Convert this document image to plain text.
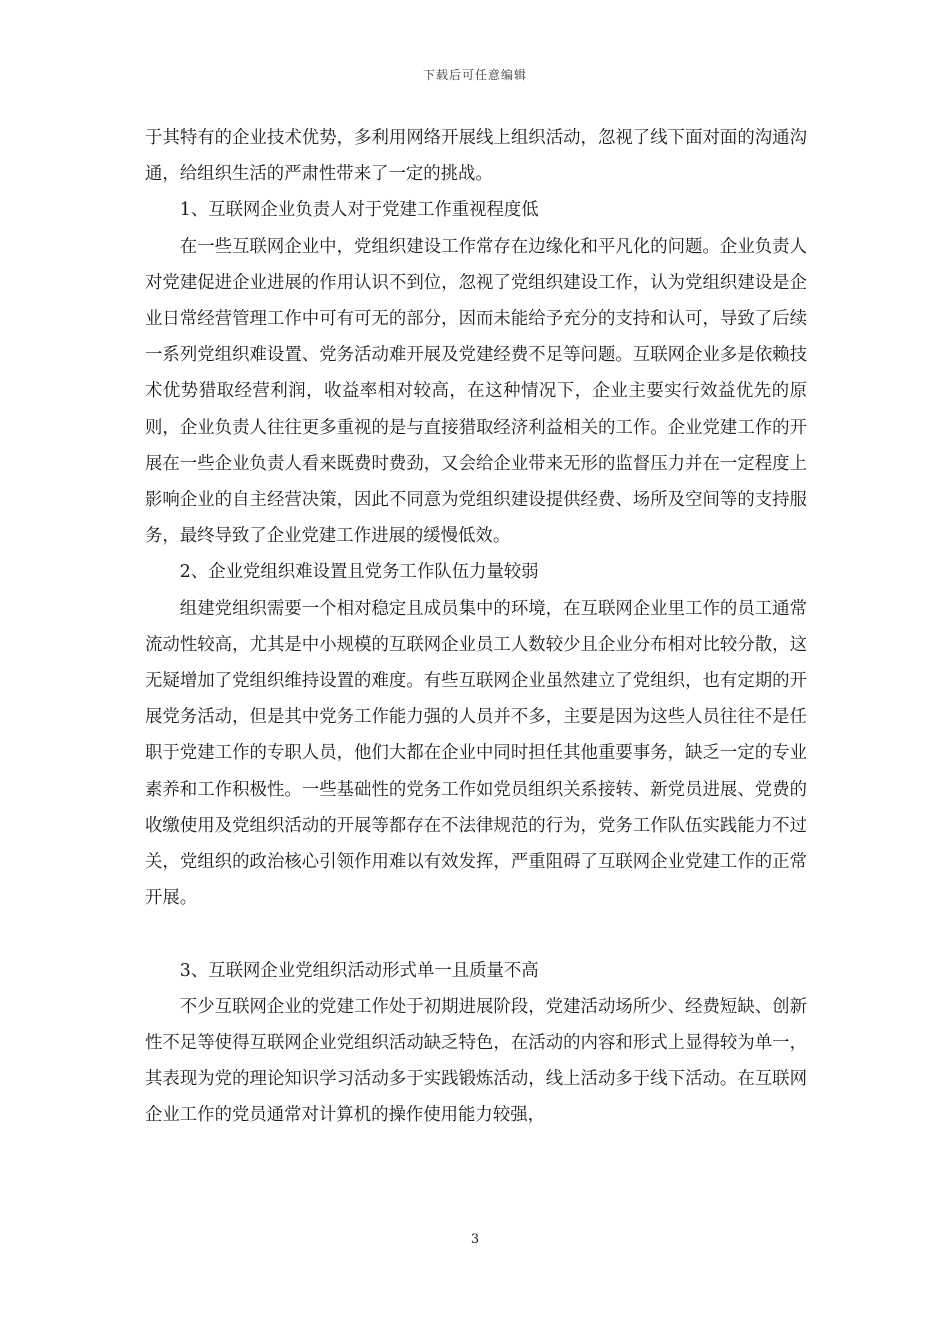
下载后可任意编辑

于其特有的企业技术优势，多利用网络开展线上组织活动，忽视了线下面对面的沟通沟通，给组织生活的严肃性带来了一定的挑战。

1、互联网企业负责人对于党建工作重视程度低

在一些互联网企业中，党组织建设工作常存在边缘化和平凡化的问题。企业负责人对党建促进企业进展的作用认识不到位，忽视了党组织建设工作，认为党组织建设是企业日常经营管理工作中可有可无的部分，因而未能给予充分的支持和认可，导致了后续一系列党组织难设置、党务活动难开展及党建经费不足等问题。互联网企业多是依赖技术优势猎取经营利润，收益率相对较高，在这种情况下，企业主要实行效益优先的原则，企业负责人往往更多重视的是与直接猎取经济利益相关的工作。企业党建工作的开展在一些企业负责人看来既费时费劲，又会给企业带来无形的监督压力并在一定程度上影响企业的自主经营决策，因此不同意为党组织建设提供经费、场所及空间等的支持服务，最终导致了企业党建工作进展的缓慢低效。

2、企业党组织难设置且党务工作队伍力量较弱

组建党组织需要一个相对稳定且成员集中的环境，在互联网企业里工作的员工通常流动性较高，尤其是中小规模的互联网企业员工人数较少且企业分布相对比较分散，这无疑增加了党组织维持设置的难度。有些互联网企业虽然建立了党组织，也有定期的开展党务活动，但是其中党务工作能力强的人员并不多，主要是因为这些人员往往不是任职于党建工作的专职人员，他们大都在企业中同时担任其他重要事务，缺乏一定的专业素养和工作积极性。一些基础性的党务工作如党员组织关系接转、新党员进展、党费的收缴使用及党组织活动的开展等都存在不法律规范的行为，党务工作队伍实践能力不过关，党组织的政治核心引领作用难以有效发挥，严重阻碍了互联网企业党建工作的正常开展。

3、互联网企业党组织活动形式单一且质量不高

不少互联网企业的党建工作处于初期进展阶段，党建活动场所少、经费短缺、创新性不足等使得互联网企业党组织活动缺乏特色，在活动的内容和形式上显得较为单一，其表现为党的理论知识学习活动多于实践锻炼活动，线上活动多于线下活动。在互联网企业工作的党员通常对计算机的操作使用能力较强，

3
